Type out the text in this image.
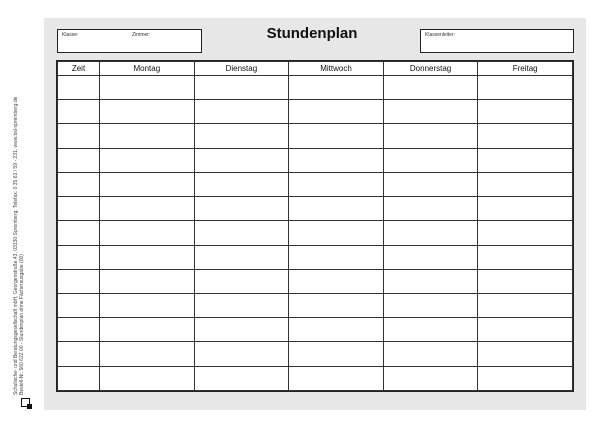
Klasse:	Zimmer:	Stundenplan	Klassenleiter:
Zeit	Montag	Dienstag	Mittwoch	Donnerstag	Freitag

Schulische- und Beratungsgesellschaft mbH, Georgenstraße 43, 03130 Spremberg, Telefax: 0 35 63 / 59 - 231, www.bsl-spremberg.de Bestell-Nr. 560 622 00 - Stundenplan ohne Fächerausgabe (00)
